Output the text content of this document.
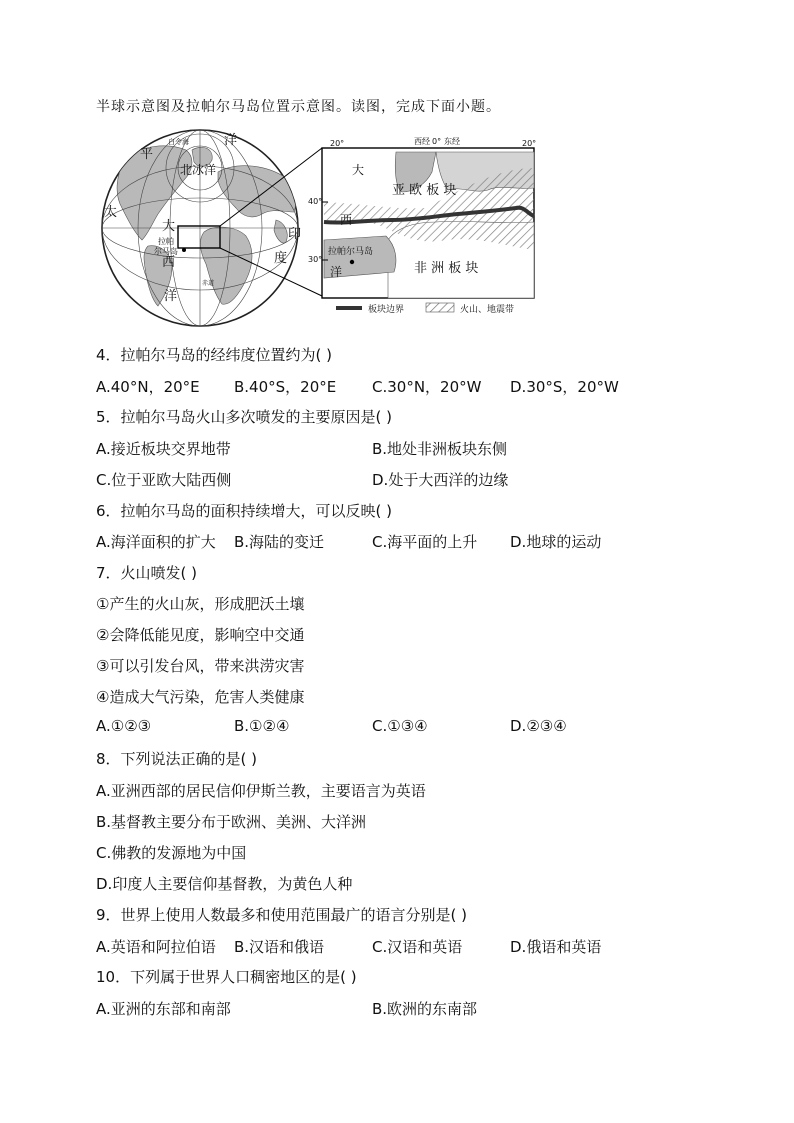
半球示意图及拉帕尔马岛位置示意图。读图，完成下面小题。
白令海	洋
平
北冰洋
太
大
西
印
度
洋
赤道
拉帕
尔马岛
20°	西经 0° 东经	20°
40°
30°
大
西
洋
亚 欧 板 块
非 洲 板 块
拉帕尔马岛
板块边界	火山、地震带
4．拉帕尔马岛的经纬度位置约为( )
A.40°N，20°E B.40°S，20°E C.30°N，20°W D.30°S，20°W
5．拉帕尔马岛火山多次喷发的主要原因是( )
A.接近板块交界地带	B.地处非洲板块东侧
C.位于亚欧大陆西侧	D.处于大西洋的边缘
6．拉帕尔马岛的面积持续增大，可以反映( )
A.海洋面积的扩大 B.海陆的变迁	C.海平面的上升 D.地球的运动
7．火山喷发( )
①产生的火山灰，形成肥沃土壤
②会降低能见度，影响空中交通
③可以引发台风，带来洪涝灾害
④造成大气污染，危害人类健康
A.①②③	B.①②④	C.①③④	D.②③④
8．下列说法正确的是( )
A.亚洲西部的居民信仰伊斯兰教，主要语言为英语
B.基督教主要分布于欧洲、美洲、大洋洲
C.佛教的发源地为中国
D.印度人主要信仰基督教，为黄色人种
9．世界上使用人数最多和使用范围最广的语言分别是( )
A.英语和阿拉伯语 B.汉语和俄语	C.汉语和英语	D.俄语和英语
10．下列属于世界人口稠密地区的是( )
A.亚洲的东部和南部	B.欧洲的东南部
